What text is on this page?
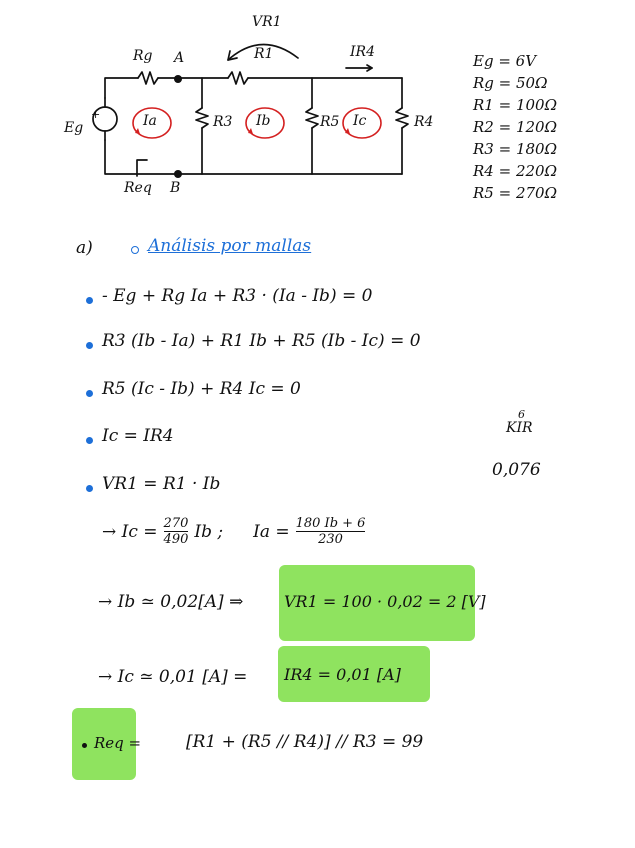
VR1
Rg A	R1	IR4
Eg
+	R3	R5	R4
Ia	Ib	Ic
Req B
Eg = 6V
Rg = 50Ω
R1 = 100Ω
R2 = 120Ω
R3 = 180Ω
R4 = 220Ω
R5 = 270Ω
a)	Análisis por mallas
- Eg + Rg Ia + R3 · (Ia - Ib) = 0
R3 (Ib - Ia) + R1 Ib + R5 (Ib - Ic) = 0
R5 (Ic - Ib) + R4 Ic = 0
Ic = IR4
VR1 = R1 · Ib
6
KIR
0,076
→ $Ic = \frac{270}{490}$ Ib ; $Ia = \frac{180 Ib + 6}{230}$
→ Ib ≃ 0,02[A] ⇒	VR1 = 100 · 0,02 = 2 [V]
→ Ic ≃ 0,01 [A] = IR4 = 0,01 [A]
Req =	[R1 + (R5 // R4)] // R3 = 99
